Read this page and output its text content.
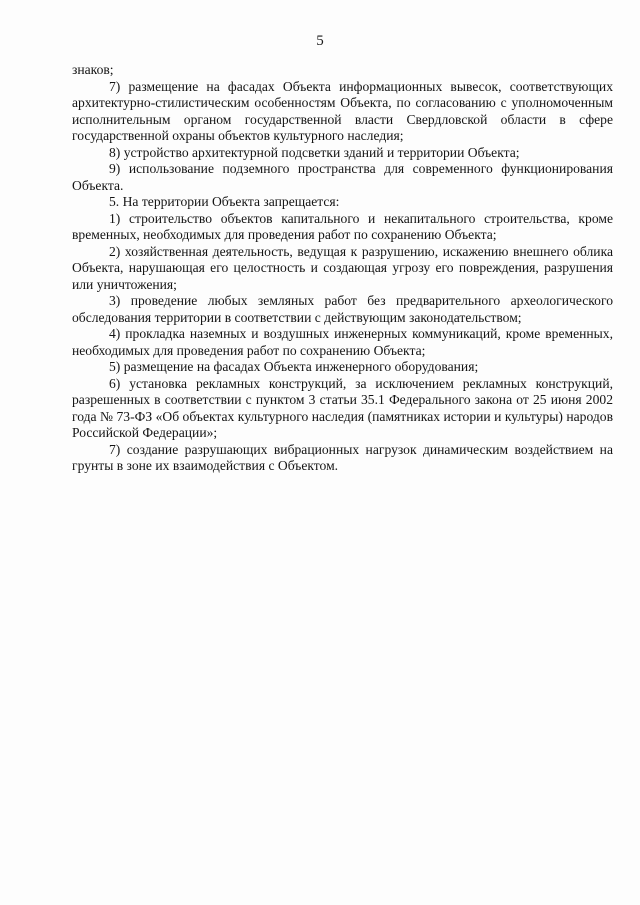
5

знаков;

7) размещение на фасадах Объекта информационных вывесок, соответствующих архитектурно-стилистическим особенностям Объекта, по согласованию с уполномоченным исполнительным органом государственной власти Свердловской области в сфере государственной охраны объектов культурного наследия;

8) устройство архитектурной подсветки зданий и территории Объекта;

9) использование подземного пространства для современного функционирования Объекта.

5. На территории Объекта запрещается:

1) строительство объектов капитального и некапитального строительства, кроме временных, необходимых для проведения работ по сохранению Объекта;

2) хозяйственная деятельность, ведущая к разрушению, искажению внешнего облика Объекта, нарушающая его целостность и создающая угрозу его повреждения, разрушения или уничтожения;

3) проведение любых земляных работ без предварительного археологического обследования территории в соответствии с действующим законодательством;

4) прокладка наземных и воздушных инженерных коммуникаций, кроме временных, необходимых для проведения работ по сохранению Объекта;

5) размещение на фасадах Объекта инженерного оборудования;

6) установка рекламных конструкций, за исключением рекламных конструкций, разрешенных в соответствии с пунктом 3 статьи 35.1 Федерального закона от 25 июня 2002 года № 73-ФЗ «Об объектах культурного наследия (памятниках истории и культуры) народов Российской Федерации»;

7) создание разрушающих вибрационных нагрузок динамическим воздействием на грунты в зоне их взаимодействия с Объектом.
